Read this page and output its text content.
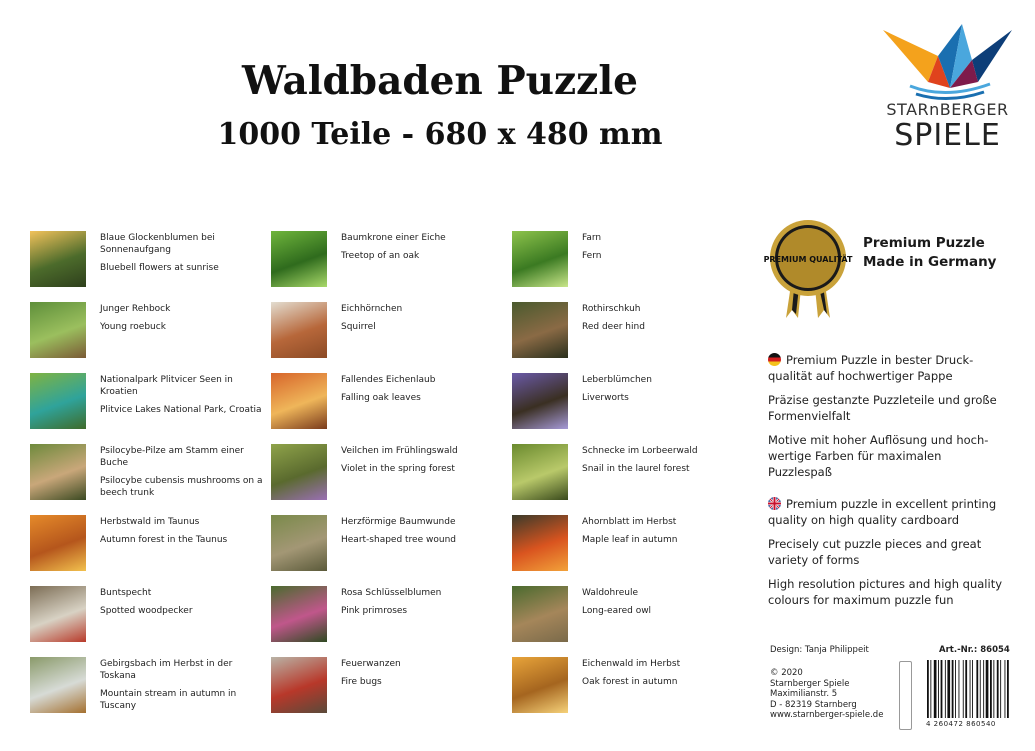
Waldbaden Puzzle
1000 Teile - 680 x 480 mm
STARnBERGER
SPIELE
Blaue Glockenblumen bei Sonnenaufgang
Bluebell flowers at sunrise
Junger Rehbock
Young roebuck
Nationalpark Plitvicer Seen in Kroatien
Plitvice Lakes National Park, Croatia
Psilocybe-Pilze am Stamm einer Buche
Psilocybe cubensis mushrooms on a beech trunk
Herbstwald im Taunus
Autumn forest in the Taunus
Buntspecht
Spotted woodpecker
Gebirgsbach im Herbst in der Toskana
Mountain stream in autumn in Tuscany
Baumkrone einer Eiche
Treetop of an oak
Eichhörnchen
Squirrel
Fallendes Eichenlaub
Falling oak leaves
Veilchen im Frühlingswald
Violet in the spring forest
Herzförmige Baumwunde
Heart-shaped tree wound
Rosa Schlüsselblumen
Pink primroses
Feuerwanzen
Fire bugs
Farn
Fern
Rothirschkuh
Red deer hind
Leberblümchen
Liverworts
Schnecke im Lorbeerwald
Snail in the laurel forest
Ahornblatt im Herbst
Maple leaf in autumn
Waldohreule
Long-eared owl
Eichenwald im Herbst
Oak forest in autumn
PREMIUM QUALITÄT
Premium Puzzle
Made in Germany

Premium Puzzle in bester Druck-
qualität auf hochwertiger Pappe

Präzise gestanzte Puzzleteile und große Formenvielfalt

Motive mit hoher Auflösung und hoch-
wertige Farben für maximalen Puzzlespaß

Premium puzzle in excellent printing quality on high quality cardboard

Precisely cut puzzle pieces and great variety of forms

High resolution pictures and high quality colours for maximum puzzle fun

Design: Tanja Philippeit	Art.-Nr.: 86054
© 2020
Starnberger Spiele
Maximilianstr. 5
D - 82319 Starnberg
www.starnberger-spiele.de
4 260472 860540
